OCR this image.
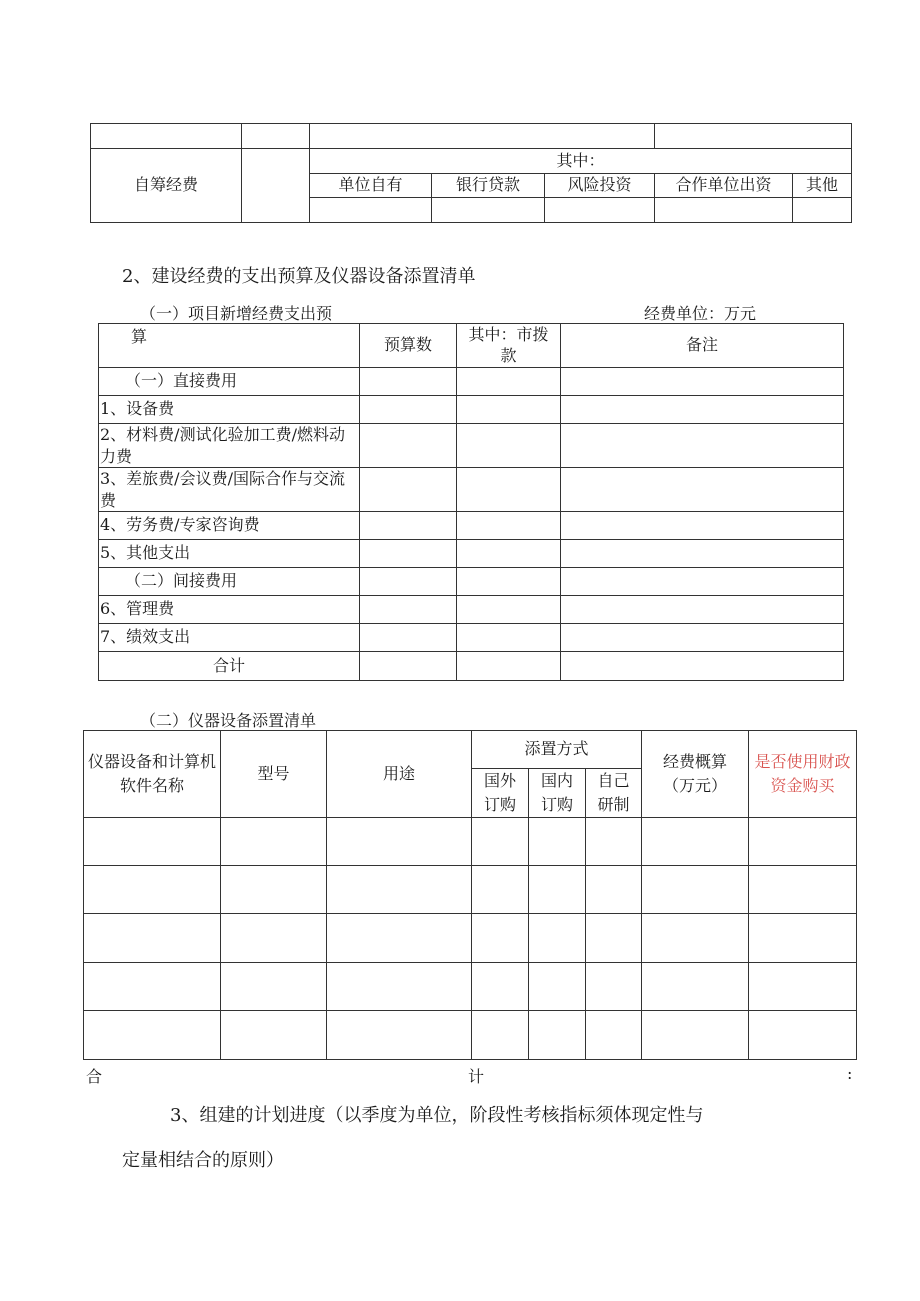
自筹经费		其中：				
		单位自有	银行贷款	风险投资	合作单位出资	其他

2、建设经费的支出预算及仪器设备添置清单
（一）项目新增经费支出预	经费单位：万元
算	预算数	其中：市拨款	备注
（一）直接费用			
1、设备费			
2、材料费/测试化验加工费/燃料动力费			
3、差旅费/会议费/国际合作与交流费			
4、劳务费/专家咨询费			
5、其他支出			
（二）间接费用			
6、管理费			
7、绩效支出			
合计			
（二）仪器设备添置清单
仪器设备和计算机软件名称	型号	用途	添置方式			经费概算（万元）	是否使用财政资金购买
			国外订购	国内订购	自己研制		

合	计	:
3、组建的计划进度（以季度为单位，阶段性考核指标须体现定性与
定量相结合的原则）
